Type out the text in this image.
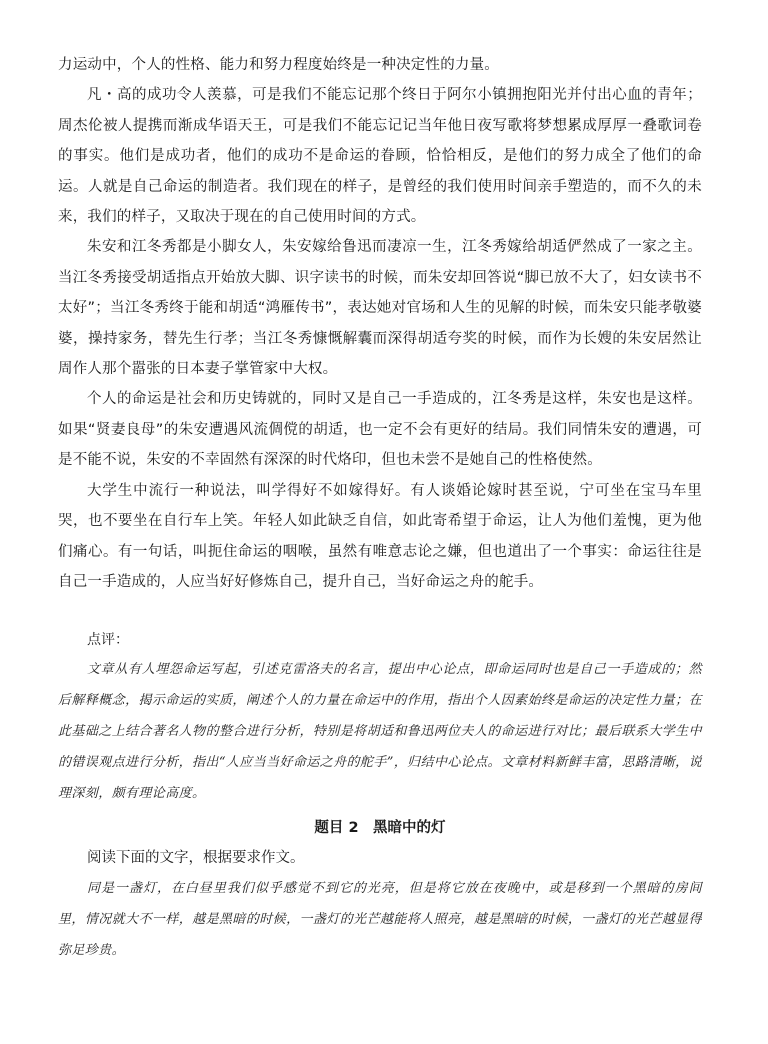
力运动中，个人的性格、能力和努力程度始终是一种决定性的力量。

凡・高的成功令人羡慕，可是我们不能忘记那个终日于阿尔小镇拥抱阳光并付出心血的青年；周杰伦被人提携而渐成华语天王，可是我们不能忘记记当年他日夜写歌将梦想累成厚厚一叠歌词卷的事实。他们是成功者，他们的成功不是命运的眷顾，恰恰相反，是他们的努力成全了他们的命运。人就是自己命运的制造者。我们现在的样子，是曾经的我们使用时间亲手塑造的，而不久的未来，我们的样子，又取决于现在的自己使用时间的方式。

朱安和江冬秀都是小脚女人，朱安嫁给鲁迅而凄凉一生，江冬秀嫁给胡适俨然成了一家之主。当江冬秀接受胡适指点开始放大脚、识字读书的时候，而朱安却回答说“脚已放不大了，妇女读书不太好”；当江冬秀终于能和胡适“鸿雁传书”，表达她对官场和人生的见解的时候，而朱安只能孝敬婆婆，操持家务，替先生行孝；当江冬秀慷慨解囊而深得胡适夸奖的时候，而作为长嫂的朱安居然让周作人那个嚣张的日本妻子掌管家中大权。

个人的命运是社会和历史铸就的，同时又是自己一手造成的，江冬秀是这样，朱安也是这样。如果“贤妻良母”的朱安遭遇风流倜傥的胡适，也一定不会有更好的结局。我们同情朱安的遭遇，可是不能不说，朱安的不幸固然有深深的时代烙印，但也未尝不是她自己的性格使然。

大学生中流行一种说法，叫学得好不如嫁得好。有人谈婚论嫁时甚至说，宁可坐在宝马车里哭，也不要坐在自行车上笑。年轻人如此缺乏自信，如此寄希望于命运，让人为他们羞愧，更为他们痛心。有一句话，叫扼住命运的咽喉，虽然有唯意志论之嫌，但也道出了一个事实：命运往往是自己一手造成的，人应当好好修炼自己，提升自己，当好命运之舟的舵手。

点评：

文章从有人埋怨命运写起，引述克雷洛夫的名言，提出中心论点，即命运同时也是自己一手造成的；然后解释概念，揭示命运的实质，阐述个人的力量在命运中的作用，指出个人因素始终是命运的决定性力量；在此基础之上结合著名人物的整合进行分析，特别是将胡适和鲁迅两位夫人的命运进行对比；最后联系大学生中的错误观点进行分析，指出“人应当当好命运之舟的舵手”，归结中心论点。文章材料新鲜丰富，思路清晰，说理深刻，颇有理论高度。

题目 2　黑暗中的灯

阅读下面的文字，根据要求作文。

同是一盏灯，在白昼里我们似乎感觉不到它的光亮，但是将它放在夜晚中，或是移到一个黑暗的房间里，情况就大不一样，越是黑暗的时候，一盏灯的光芒越能将人照亮，越是黑暗的时候，一盏灯的光芒越显得弥足珍贵。
